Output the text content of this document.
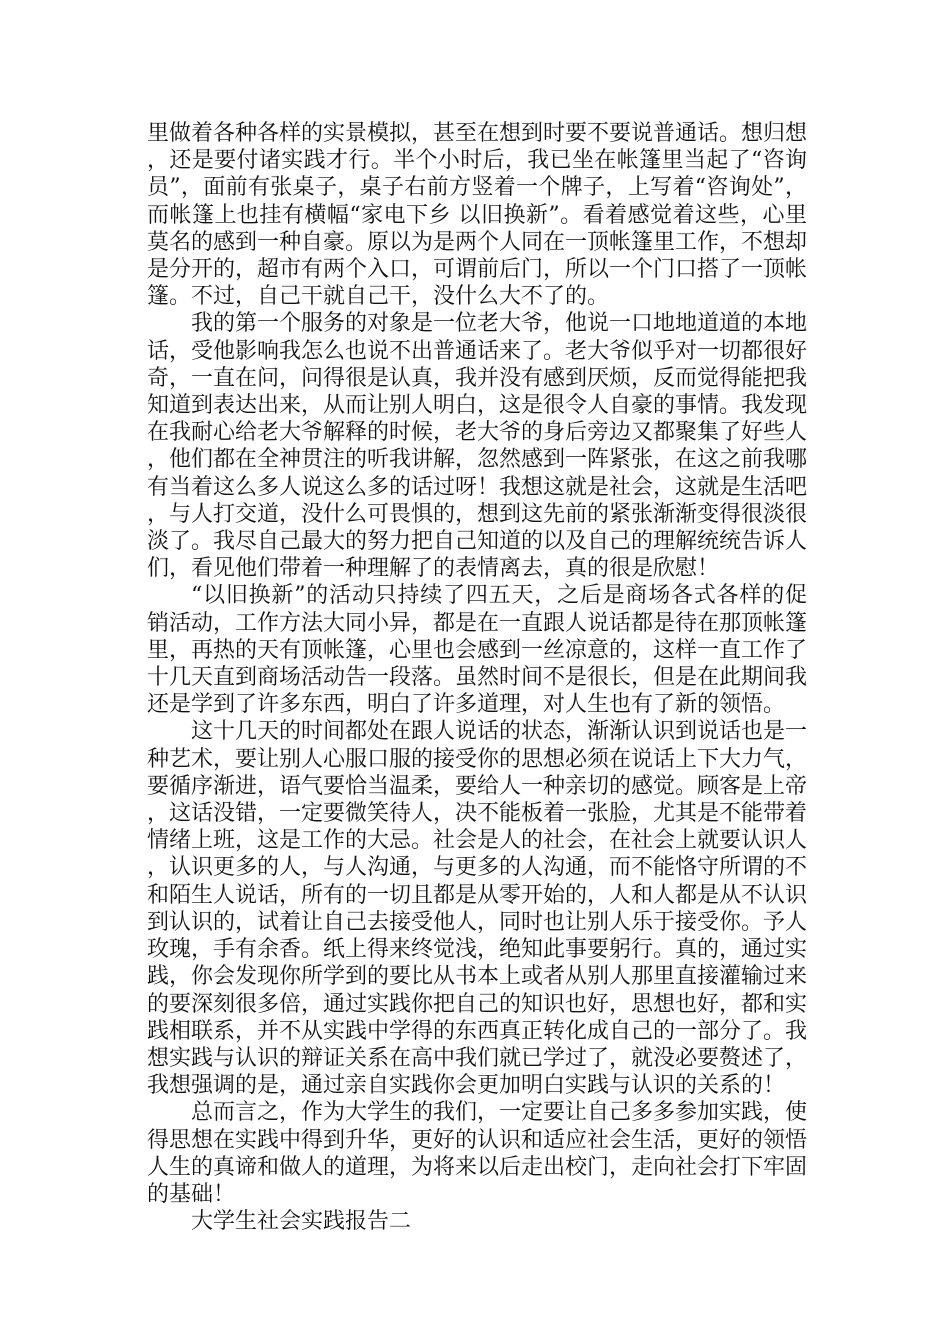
里做着各种各样的实景模拟，甚至在想到时要不要说普通话。想归想，还是要付诸实践才行。半个小时后，我已坐在帐篷里当起了“咨询员”，面前有张桌子，桌子右前方竖着一个牌子，上写着“咨询处”，而帐篷上也挂有横幅“家电下乡 以旧换新”。看着感觉着这些，心里莫名的感到一种自豪。原以为是两个人同在一顶帐篷里工作，不想却是分开的，超市有两个入口，可谓前后门，所以一个门口搭了一顶帐篷。不过，自己干就自己干，没什么大不了的。

我的第一个服务的对象是一位老大爷，他说一口地地道道的本地话，受他影响我怎么也说不出普通话来了。老大爷似乎对一切都很好奇，一直在问，问得很是认真，我并没有感到厌烦，反而觉得能把我知道到表达出来，从而让别人明白，这是很令人自豪的事情。我发现在我耐心给老大爷解释的时候，老大爷的身后旁边又都聚集了好些人，他们都在全神贯注的听我讲解，忽然感到一阵紧张，在这之前我哪有当着这么多人说这么多的话过呀！我想这就是社会，这就是生活吧，与人打交道，没什么可畏惧的，想到这先前的紧张渐渐变得很淡很淡了。我尽自己最大的努力把自己知道的以及自己的理解统统告诉人们，看见他们带着一种理解了的表情离去，真的很是欣慰！

“以旧换新”的活动只持续了四五天，之后是商场各式各样的促销活动，工作方法大同小异，都是在一直跟人说话都是待在那顶帐篷里，再热的天有顶帐篷，心里也会感到一丝凉意的，这样一直工作了十几天直到商场活动告一段落。虽然时间不是很长，但是在此期间我还是学到了许多东西，明白了许多道理，对人生也有了新的领悟。

这十几天的时间都处在跟人说话的状态，渐渐认识到说话也是一种艺术，要让别人心服口服的接受你的思想必须在说话上下大力气，要循序渐进，语气要恰当温柔，要给人一种亲切的感觉。顾客是上帝，这话没错，一定要微笑待人，决不能板着一张脸，尤其是不能带着情绪上班，这是工作的大忌。社会是人的社会，在社会上就要认识人，认识更多的人，与人沟通，与更多的人沟通，而不能恪守所谓的不和陌生人说话，所有的一切且都是从零开始的，人和人都是从不认识到认识的，试着让自己去接受他人，同时也让别人乐于接受你。予人玫瑰，手有余香。纸上得来终觉浅，绝知此事要躬行。真的，通过实践，你会发现你所学到的要比从书本上或者从别人那里直接灌输过来的要深刻很多倍，通过实践你把自己的知识也好，思想也好，都和实践相联系，并不从实践中学得的东西真正转化成自己的一部分了。我想实践与认识的辩证关系在高中我们就已学过了，就没必要赘述了，我想强调的是，通过亲自实践你会更加明白实践与认识的关系的！

总而言之，作为大学生的我们，一定要让自己多多参加实践，使得思想在实践中得到升华，更好的认识和适应社会生活，更好的领悟人生的真谛和做人的道理，为将来以后走出校门，走向社会打下牢固的基础！

大学生社会实践报告二
